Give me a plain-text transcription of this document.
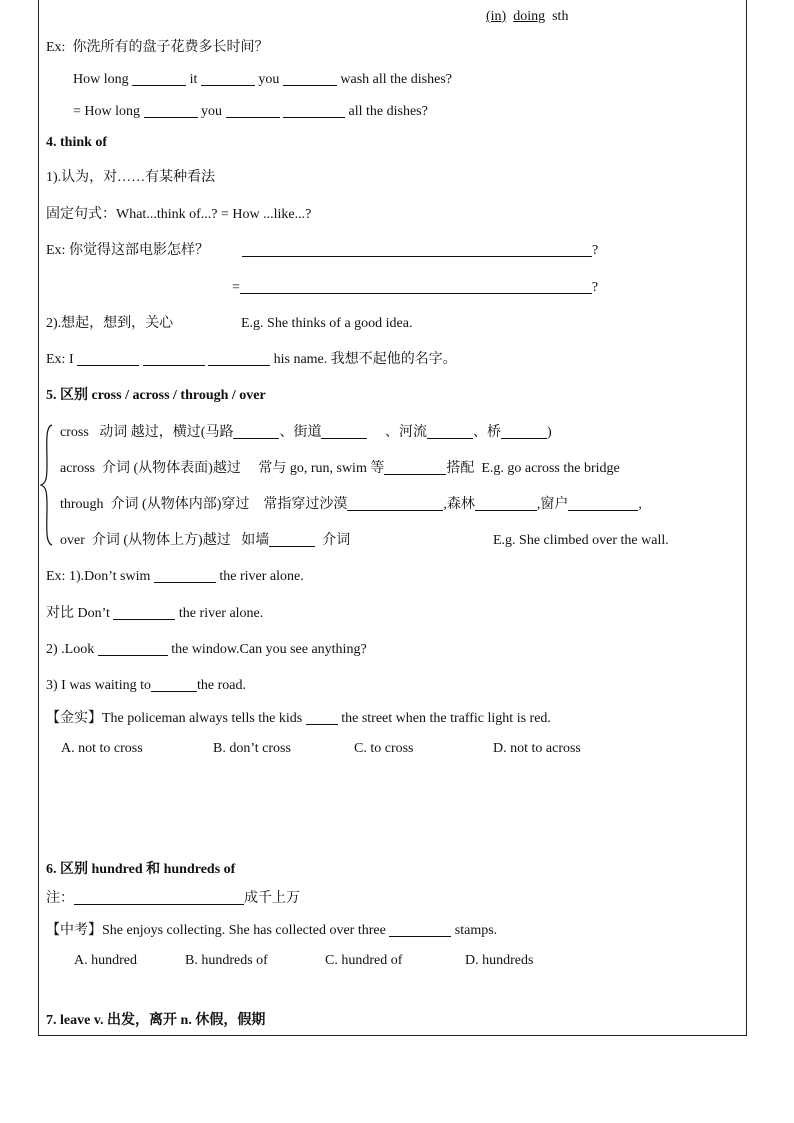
(in) doing sth
Ex: 你洗所有的盘子花费多长时间？
How long	it	you	wash all the dishes?
= How long	you	all the dishes?
4. think of
1).认为，对……有某种看法
固定句式：What...think of...? = How ...like...?
Ex: 你觉得这部电影怎样？	?
=	?
2).想起，想到，关心	E.g. She thinks of a good idea.
Ex: I	his name. 我想不起他的名字。
5. 区别 cross / across / through / over
cross 动词 越过，横过(马路	、街道	、河流	、桥	)
across 介词 (从物体表面)越过 常与 go, run, swim 等	搭配 E.g. go across the bridge
through 介词 (从物体内部)穿过 常指穿过沙漠	,森林	,窗户	,
over 介词 (从物体上方)越过 如墙	介词	E.g. She climbed over the wall.
Ex: 1).Don’t swim	the river alone.
对比 Don’t	the river alone.
2) .Look	the window.Can you see anything?
3) I was waiting to	the road.
【金实】The policeman always tells the kids	the street when the traffic light is red.
A. not to cross	B. don’t cross	C. to cross	D. not to across
6. 区别 hundred 和 hundreds of
注：	成千上万
【中考】She enjoys collecting. She has collected over three	stamps.
A. hundred	B. hundreds of	C. hundred of	D. hundreds
7. leave v. 出发，离开 n. 休假，假期
